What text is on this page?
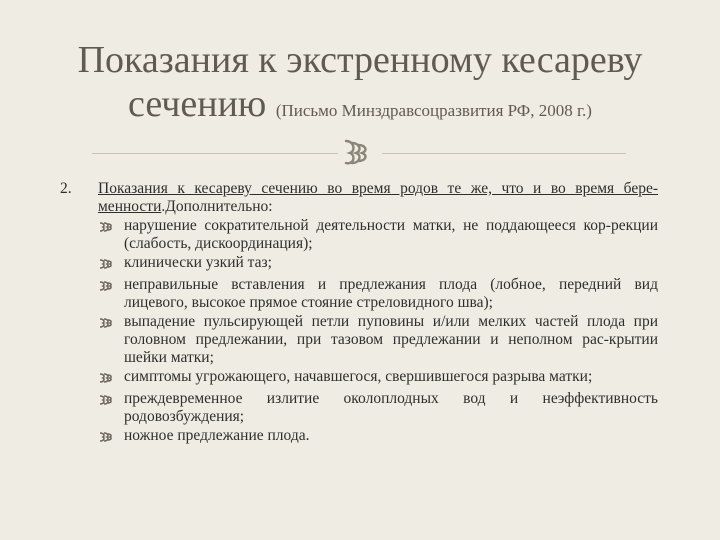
Показания к экстренному кесареву
сечению (Письмо Минздравсоцразвития РФ, 2008 г.)
2.	Показания к кесареву сечению во время родов те же, что и во время бере-менности.Дополнительно:
нарушение сократительной деятельности матки, не поддающееся кор-рекции (слабость, дискоординация);
клинически узкий таз;
неправильные вставления и предлежания плода (лобное, передний вид лицевого, высокое прямое стояние стреловидного шва);
выпадение пульсирующей петли пуповины и/или мелких частей плода при головном предлежании, при тазовом предлежании и неполном рас-крытии шейки матки;
симптомы угрожающего, начавшегося, свершившегося разрыва матки;
преждевременное излитие околоплодных вод и неэффективность родовозбуждения;
ножное предлежание плода.
